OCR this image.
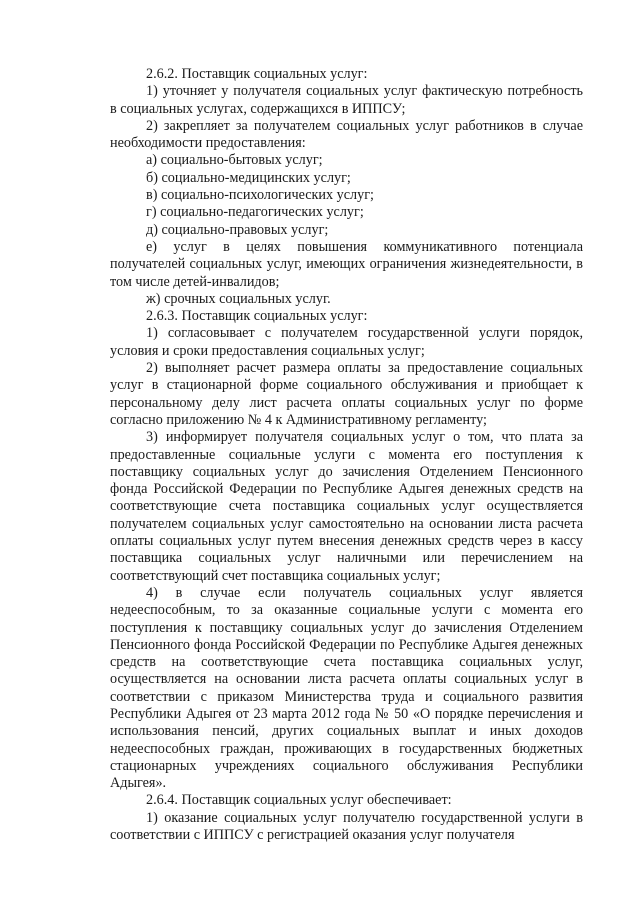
2.6.2. Поставщик социальных услуг:

1) уточняет у получателя социальных услуг фактическую потребность в социальных услугах, содержащихся в ИППСУ;

2) закрепляет за получателем социальных услуг работников в случае необходимости предоставления:

а) социально-бытовых услуг;

б) социально-медицинских услуг;

в) социально-психологических услуг;

г) социально-педагогических услуг;

д) социально-правовых услуг;

е) услуг в целях повышения коммуникативного потенциала получателей социальных услуг, имеющих ограничения жизнедеятельности, в том числе детей-инвалидов;

ж) срочных социальных услуг.

2.6.3. Поставщик социальных услуг:

1) согласовывает с получателем государственной услуги порядок, условия и сроки предоставления социальных услуг;

2) выполняет расчет размера оплаты за предоставление социальных услуг в стационарной форме социального обслуживания и приобщает к персональному делу лист расчета оплаты социальных услуг по форме согласно приложению № 4 к Административному регламенту;

3) информирует получателя социальных услуг о том, что плата за предоставленные социальные услуги с момента его поступления к поставщику социальных услуг до зачисления Отделением Пенсионного фонда Российской Федерации по Республике Адыгея денежных средств на соответствующие счета поставщика социальных услуг осуществляется получателем социальных услуг самостоятельно на основании листа расчета оплаты социальных услуг путем внесения денежных средств через в кассу поставщика социальных услуг наличными или перечислением на соответствующий счет поставщика социальных услуг;

4) в случае если получатель социальных услуг является недееспособным, то за оказанные социальные услуги с момента его поступления к поставщику социальных услуг до зачисления Отделением Пенсионного фонда Российской Федерации по Республике Адыгея денежных средств на соответствующие счета поставщика социальных услуг, осуществляется на основании листа расчета оплаты социальных услуг в соответствии с приказом Министерства труда и социального развития Республики Адыгея от 23 марта 2012 года № 50 «О порядке перечисления и использования пенсий, других социальных выплат и иных доходов недееспособных граждан, проживающих в государственных бюджетных стационарных учреждениях социального обслуживания Республики Адыгея».

2.6.4. Поставщик социальных услуг обеспечивает:

1) оказание социальных услуг получателю государственной услуги в соответствии с ИППСУ с регистрацией оказания услуг получателя
